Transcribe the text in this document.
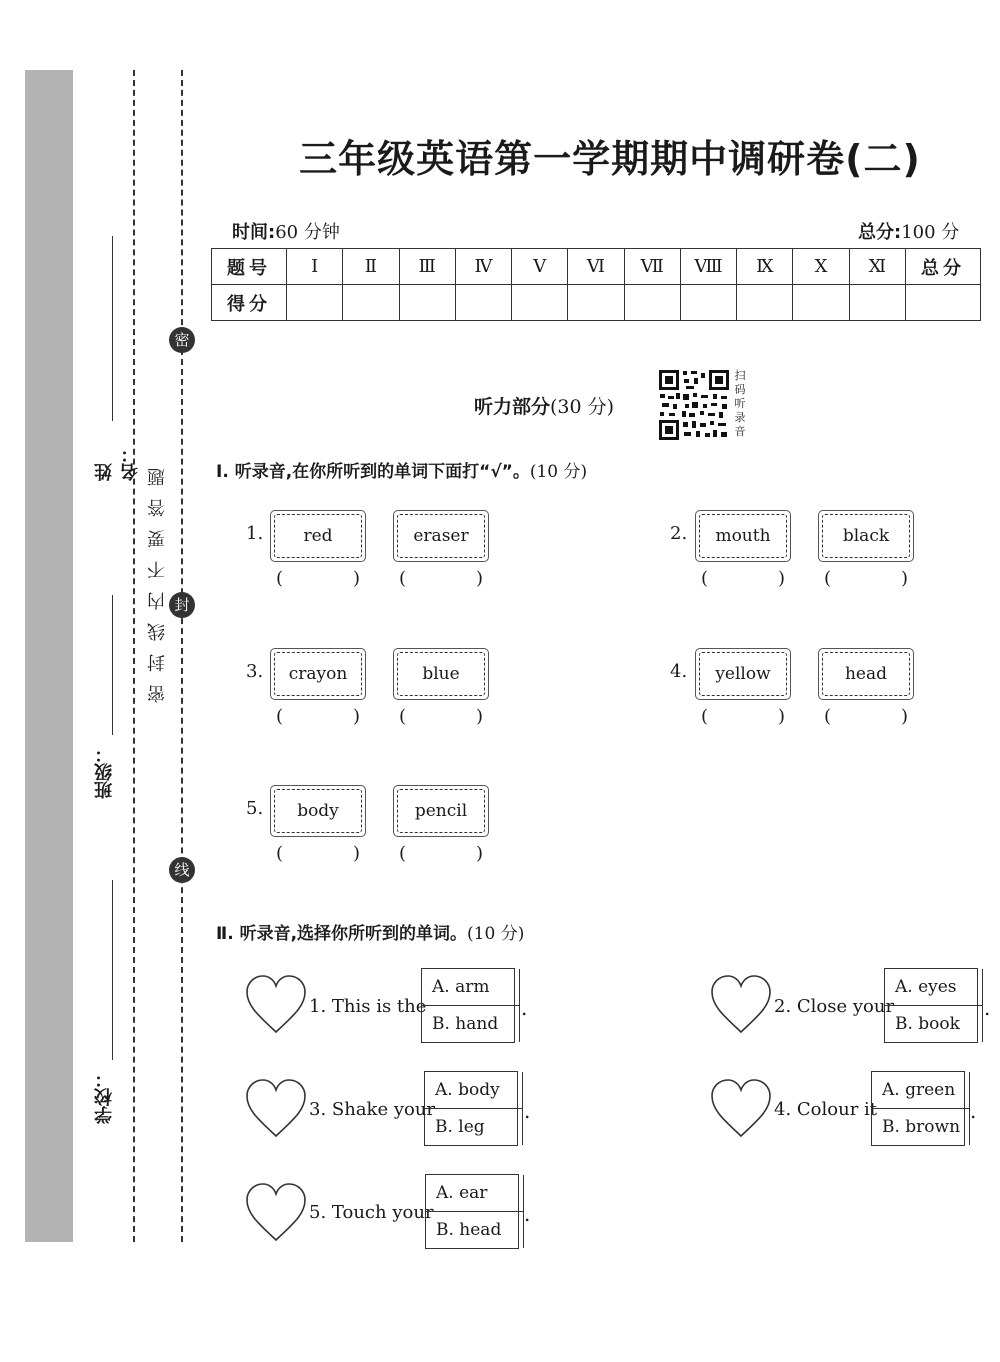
密
封
线
姓名：
班级：
学校：
密封线内不要答题
三年级英语第一学期期中调研卷(二)
时间:60 分钟	总分:100 分
题号	Ⅰ	Ⅱ	Ⅲ	Ⅳ	Ⅴ	Ⅵ	Ⅶ	Ⅷ	Ⅸ	Ⅹ	Ⅺ	总分
得分												
听力部分(30 分)
扫码听录音
Ⅰ. 听录音,在你所听到的单词下面打“√”。(10 分)
1.	red	eraser
(	) (	)
2.	mouth	black
(	) (	)
3.	crayon	blue
(	) (	)
4.	yellow	head
(	) (	)
5.	body	pencil
(	) (	)
Ⅱ. 听录音,选择你所听到的单词。(10 分)
1. This is the
A. arm
B. hand
.	2. Close your
A. eyes
B. book
.
3. Shake your
A. body
B. leg
.	4. Colour it
A. green
B. brown
.
5. Touch your
A. ear
B. head
.
